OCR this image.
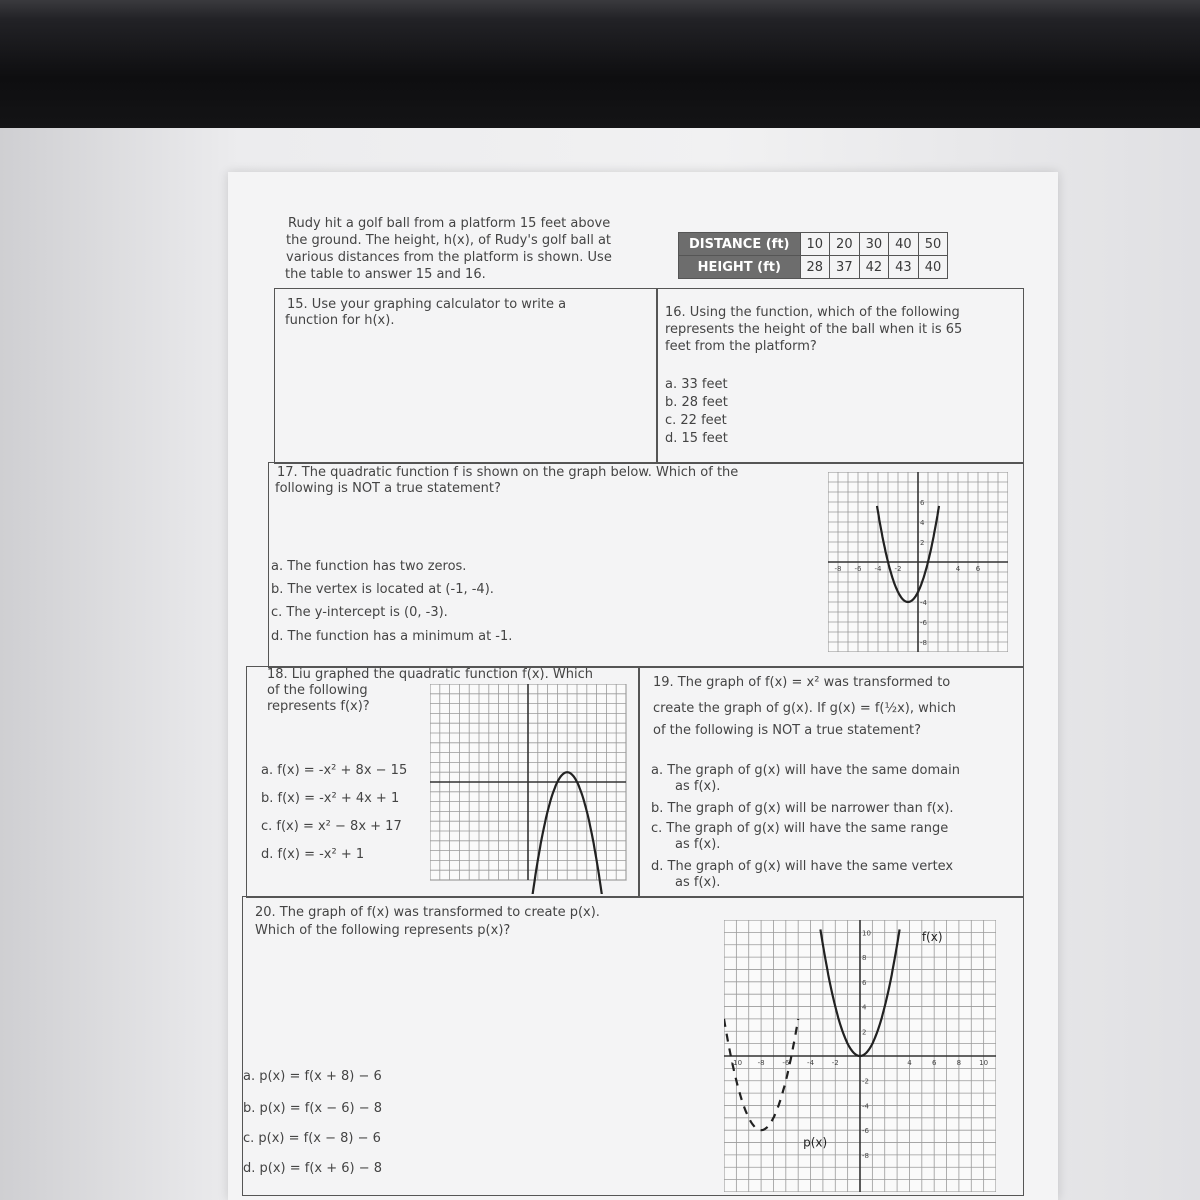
Rudy hit a golf ball from a platform 15 feet above
the ground. The height, h(x), of Rudy's golf ball at
various distances from the platform is shown. Use
the table to answer 15 and 16.
DISTANCE (ft)	10	20	30	40	50
HEIGHT (ft)	28	37	42	43	40
15. Use your graphing calculator to write a
function for h(x).
16. Using the function, which of the following
represents the height of the ball when it is 65
feet from the platform?
a. 33 feet
b. 28 feet
c. 22 feet
d. 15 feet
17. The quadratic function f is shown on the graph below. Which of the
following is NOT a true statement?
a. The function has two zeros.
b. The vertex is located at (-1, -4).
c. The y-intercept is (0, -3).
d. The function has a minimum at -1.
-8 -6 -4 -2	4 6
6
4
2
-4
-6
-8
18. Liu graphed the quadratic function f(x). Which
of the following
represents f(x)?
a. f(x) = -x² + 8x − 15
b. f(x) = -x² + 4x + 1
c. f(x) = x² − 8x + 17
d. f(x) = -x² + 1
19. The graph of f(x) = x² was transformed to
create the graph of g(x). If g(x) = f(½x), which
of the following is NOT a true statement?
a. The graph of g(x) will have the same domain
as f(x).
b. The graph of g(x) will be narrower than f(x).
c. The graph of g(x) will have the same range
as f(x).
d. The graph of g(x) will have the same vertex
as f(x).
20. The graph of f(x) was transformed to create p(x).
Which of the following represents p(x)?
a. p(x) = f(x + 8) − 6
b. p(x) = f(x − 6) − 8
c. p(x) = f(x − 8) − 6
d. p(x) = f(x + 6) − 8
-10 -8	-6	-4	-2	4	6	8	10
10
8
6
4
2
-2
-4
-6
-8
f(x)
p(x)
